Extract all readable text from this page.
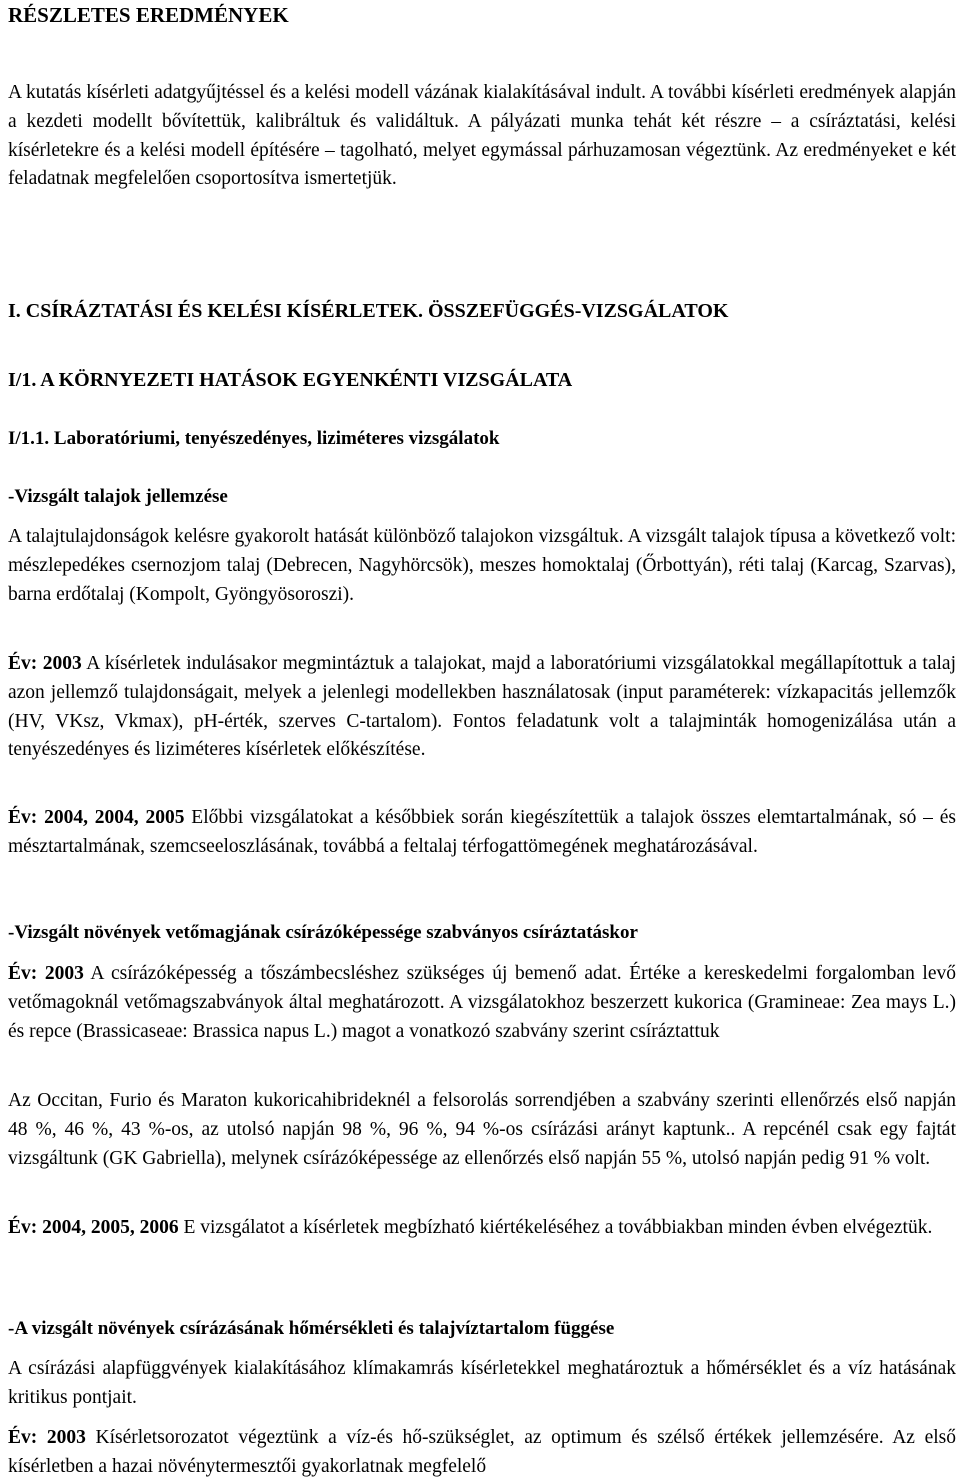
RÉSZLETES EREDMÉNYEK

A kutatás kísérleti adatgyűjtéssel és a kelési modell vázának kialakításával indult. A további kísérleti eredmények alapján a kezdeti modellt bővítettük, kalibráltuk és validáltuk. A pályázati munka tehát két részre – a csíráztatási, kelési kísérletekre és a kelési modell építésére – tagolható, melyet egymással párhuzamosan végeztünk. Az eredményeket e két feladatnak megfelelően csoportosítva ismertetjük.

I. CSÍRÁZTATÁSI ÉS KELÉSI KÍSÉRLETEK. ÖSSZEFÜGGÉS-VIZSGÁLATOK
I/1. A KÖRNYEZETI HATÁSOK EGYENKÉNTI VIZSGÁLATA
I/1.1. Laboratóriumi, tenyészedényes, liziméteres vizsgálatok
-Vizsgált talajok jellemzése

A talajtulajdonságok kelésre gyakorolt hatását különböző talajokon vizsgáltuk. A vizsgált talajok típusa a következő volt: mészlepedékes csernozjom talaj (Debrecen, Nagyhörcsök), meszes homoktalaj (Őrbottyán), réti talaj (Karcag, Szarvas), barna erdőtalaj (Kompolt, Gyöngyösoroszi).

Év: 2003 A kísérletek indulásakor megmintáztuk a talajokat, majd a laboratóriumi vizsgálatokkal megállapítottuk a talaj azon jellemző tulajdonságait, melyek a jelenlegi modellekben használatosak (input paraméterek: vízkapacitás jellemzők (HV, VKsz, Vkmax), pH-érték, szerves C-tartalom). Fontos feladatunk volt a talajminták homogenizálása után a tenyészedényes és liziméteres kísérletek előkészítése.

Év: 2004, 2004, 2005 Előbbi vizsgálatokat a későbbiek során kiegészítettük a talajok összes elemtartalmának, só – és mésztartalmának, szemcseeloszlásának, továbbá a feltalaj térfogattömegének meghatározásával.

-Vizsgált növények vetőmagjának csírázóképessége szabványos csíráztatáskor

Év: 2003 A csírázóképesség a tőszámbecsléshez szükséges új bemenő adat. Értéke a kereskedelmi forgalomban levő vetőmagoknál vetőmagszabványok által meghatározott. A vizsgálatokhoz beszerzett kukorica (Gramineae: Zea mays L.) és repce (Brassicaseae: Brassica napus L.) magot a vonatkozó szabvány szerint csíráztattuk

Az Occitan, Furio és Maraton kukoricahibrideknél a felsorolás sorrendjében a szabvány szerinti ellenőrzés első napján 48 %, 46 %, 43 %-os, az utolsó napján 98 %, 96 %, 94 %-os csírázási arányt kaptunk.. A repcénél csak egy fajtát vizsgáltunk (GK Gabriella), melynek csírázóképessége az ellenőrzés első napján 55 %, utolsó napján pedig 91 % volt.

Év: 2004, 2005, 2006 E vizsgálatot a kísérletek megbízható kiértékeléséhez a továbbiakban minden évben elvégeztük.

-A vizsgált növények csírázásának hőmérsékleti és talajvíztartalom függése

A csírázási alapfüggvények kialakításához klímakamrás kísérletekkel meghatároztuk a hőmérséklet és a víz hatásának kritikus pontjait.

Év: 2003 Kísérletsorozatot végeztünk a víz-és hő-szükséglet, az optimum és szélső értékek jellemzésére. Az első kísérletben a hazai növénytermesztői gyakorlatnak megfelelő
